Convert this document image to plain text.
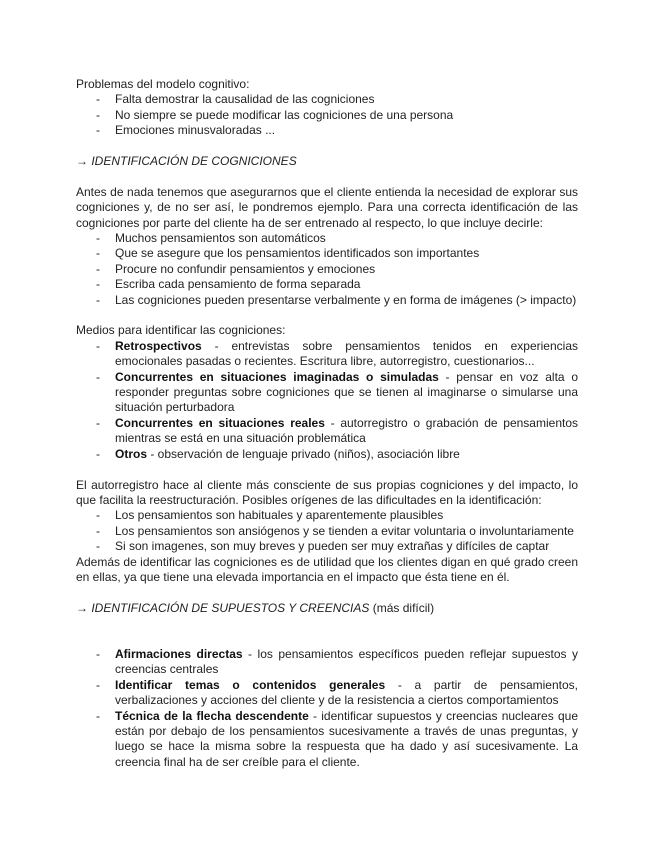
Problemas del modelo cognitivo:

- Falta demostrar la causalidad de las cogniciones
- No siempre se puede modificar las cogniciones de una persona
- Emociones minusvaloradas ...

→ IDENTIFICACIÓN DE COGNICIONES

Antes de nada tenemos que asegurarnos que el cliente entienda la necesidad de explorar sus cogniciones y, de no ser así, le pondremos ejemplo. Para una correcta identificación de las cogniciones por parte del cliente ha de ser entrenado al respecto, lo que incluye decirle:

- Muchos pensamientos son automáticos
- Que se asegure que los pensamientos identificados son importantes
- Procure no confundir pensamientos y emociones
- Escriba cada pensamiento de forma separada
- Las cogniciones pueden presentarse verbalmente y en forma de imágenes (> impacto)

Medios para identificar las cogniciones:

- Retrospectivos - entrevistas sobre pensamientos tenidos en experiencias emocionales pasadas o recientes. Escritura libre, autorregistro, cuestionarios...
- Concurrentes en situaciones imaginadas o simuladas - pensar en voz alta o responder preguntas sobre cogniciones que se tienen al imaginarse o simularse una situación perturbadora
- Concurrentes en situaciones reales - autorregistro o grabación de pensamientos mientras se está en una situación problemática
- Otros - observación de lenguaje privado (niños), asociación libre

El autorregistro hace al cliente más consciente de sus propias cogniciones y del impacto, lo que facilita la reestructuración. Posibles orígenes de las dificultades en la identificación:

- Los pensamientos son habituales y aparentemente plausibles
- Los pensamientos son ansiógenos y se tienden a evitar voluntaria o involuntariamente
- Si son imagenes, son muy breves y pueden ser muy extrañas y difíciles de captar

Además de identificar las cogniciones es de utilidad que los clientes digan en qué grado creen en ellas, ya que tiene una elevada importancia en el impacto que ésta tiene en él.

→ IDENTIFICACIÓN DE SUPUESTOS Y CREENCIAS (más difícil)

- Afirmaciones directas - los pensamientos específicos pueden reflejar supuestos y creencias centrales
- Identificar temas o contenidos generales - a partir de pensamientos, verbalizaciones y acciones del cliente y de la resistencia a ciertos comportamientos
- Técnica de la flecha descendente - identificar supuestos y creencias nucleares que están por debajo de los pensamientos sucesivamente a través de unas preguntas, y luego se hace la misma sobre la respuesta que ha dado y así sucesivamente. La creencia final ha de ser creíble para el cliente.
